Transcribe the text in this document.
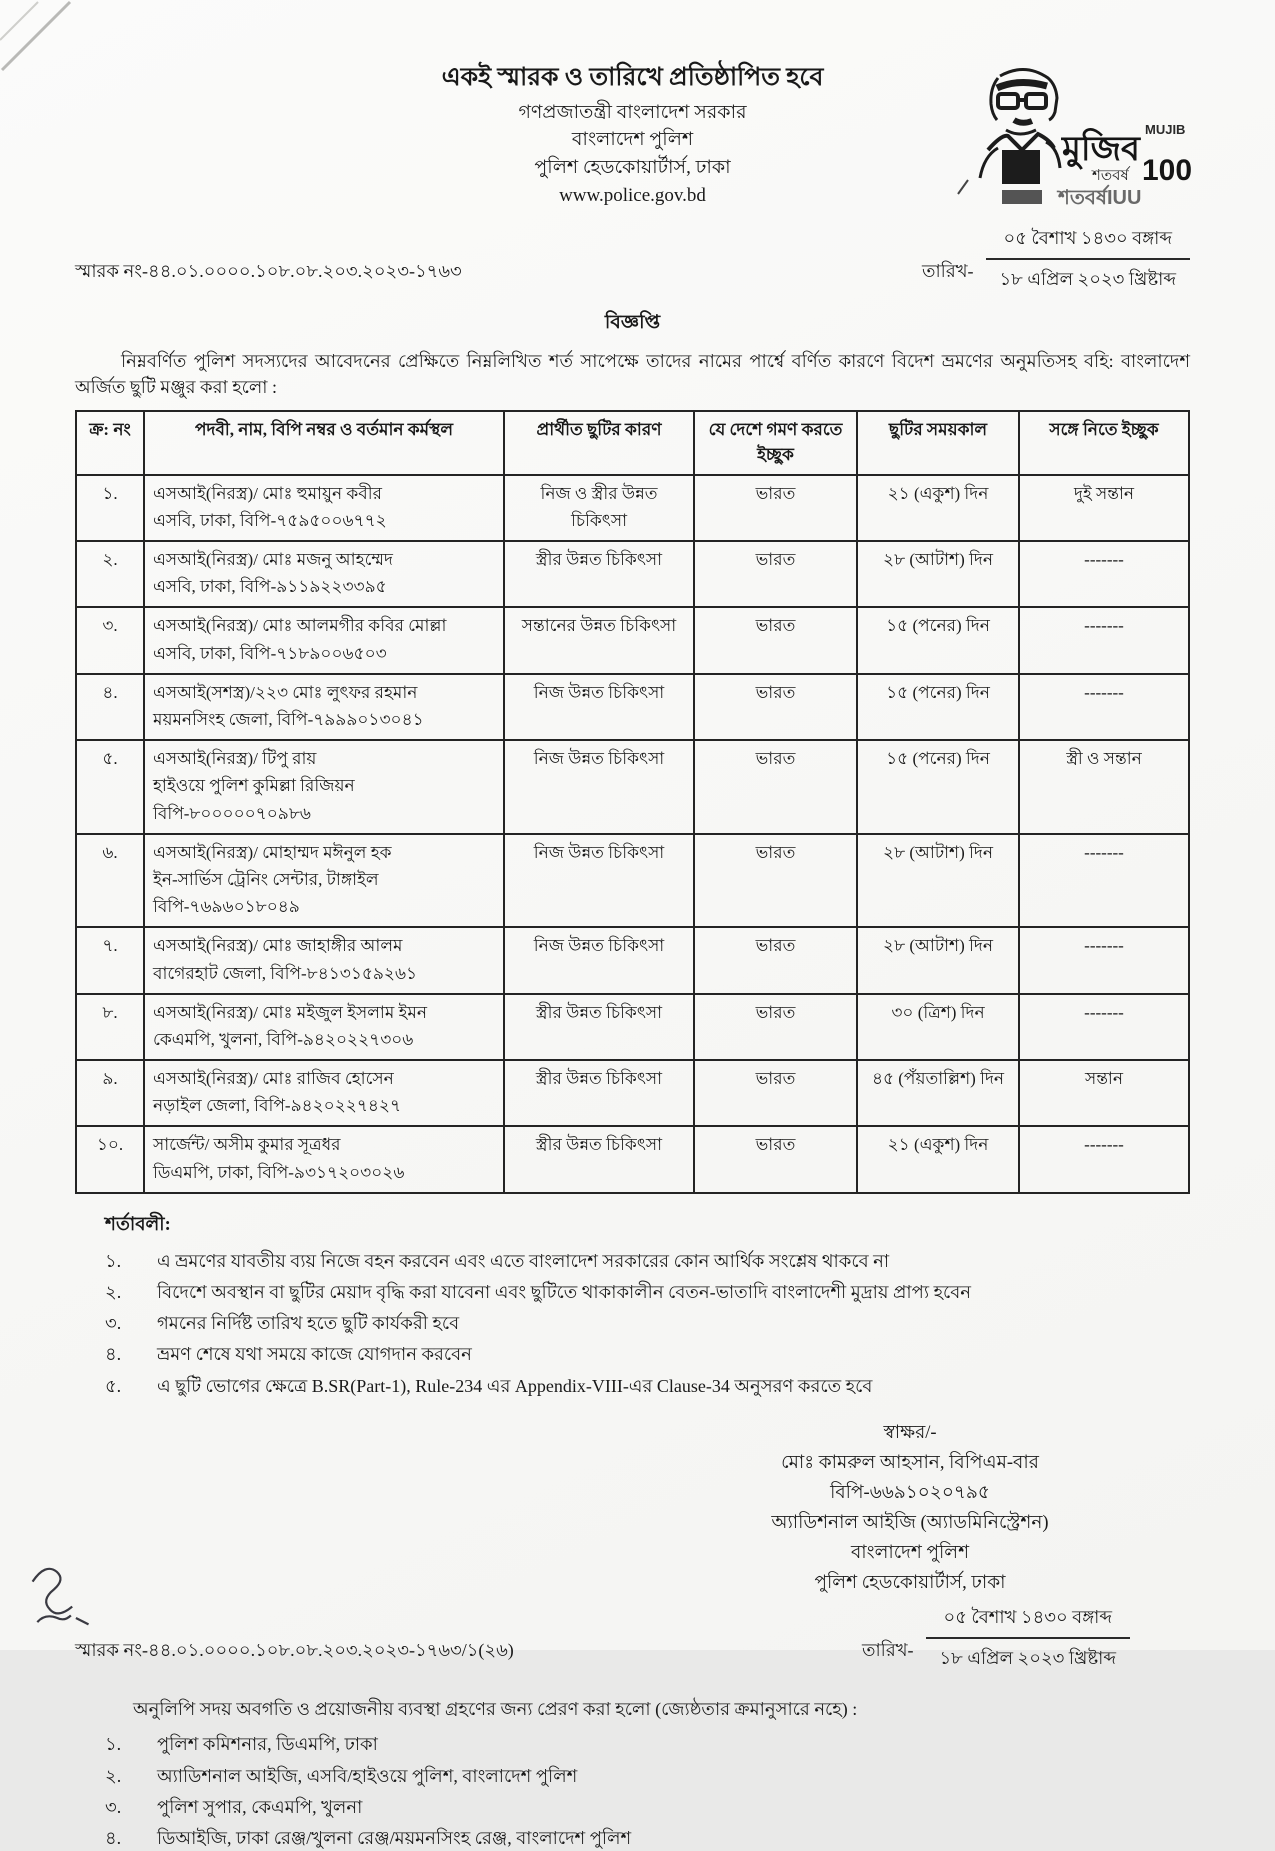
মুজিব
MUJIB
শতবর্ষ 100
শতবর্ষIUU
একই স্মারক ও তারিখে প্রতিষ্ঠাপিত হবে
গণপ্রজাতন্ত্রী বাংলাদেশ সরকার
বাংলাদেশ পুলিশ
পুলিশ হেডকোয়ার্টার্স, ঢাকা
www.police.gov.bd
স্মারক নং-৪৪.০১.০০০০.১০৮.০৮.২০৩.২০২৩-১৭৬৩	তারিখ-
০৫ বৈশাখ ১৪৩০ বঙ্গাব্দ
১৮ এপ্রিল ২০২৩ খ্রিষ্টাব্দ
বিজ্ঞপ্তি

নিম্নবর্ণিত পুলিশ সদস্যদের আবেদনের প্রেক্ষিতে নিম্নলিখিত শর্ত সাপেক্ষে তাদের নামের পার্শ্বে বর্ণিত কারণে বিদেশ ভ্রমণের অনুমতিসহ বহি: বাংলাদেশ অর্জিত ছুটি মঞ্জুর করা হলো :

ক্র: নং	পদবী, নাম, বিপি নম্বর ও বর্তমান কর্মস্থল	প্রার্থীত ছুটির কারণ	যে দেশে গমণ করতে ইচ্ছুক	ছুটির সময়কাল	সঙ্গে নিতে ইচ্ছুক
১.	এসআই(নিরস্ত্র)/ মোঃ হুমায়ুন কবীর
এসবি, ঢাকা, বিপি-৭৫৯৫০০৬৭৭২	নিজ ও স্ত্রীর উন্নত চিকিৎসা	ভারত	২১ (একুশ) দিন	দুই সন্তান
২.	এসআই(নিরস্ত্র)/ মোঃ মজনু আহম্মেদ
এসবি, ঢাকা, বিপি-৯১১৯২২৩৩৯৫	স্ত্রীর উন্নত চিকিৎসা	ভারত	২৮ (আটাশ) দিন	-------
৩.	এসআই(নিরস্ত্র)/ মোঃ আলমগীর কবির মোল্লা
এসবি, ঢাকা, বিপি-৭১৮৯০০৬৫০৩	সন্তানের উন্নত চিকিৎসা	ভারত	১৫ (পনের) দিন	-------
৪.	এসআই(সশস্ত্র)/২২৩ মোঃ লুৎফর রহমান
ময়মনসিংহ জেলা, বিপি-৭৯৯৯০১৩০৪১	নিজ উন্নত চিকিৎসা	ভারত	১৫ (পনের) দিন	-------
৫.	এসআই(নিরস্ত্র)/ টিপু রায়
হাইওয়ে পুলিশ কুমিল্লা রিজিয়ন
বিপি-৮০০০০০৭০৯৮৬	নিজ উন্নত চিকিৎসা	ভারত	১৫ (পনের) দিন	স্ত্রী ও সন্তান
৬.	এসআই(নিরস্ত্র)/ মোহাম্মদ মঈনুল হক
ইন-সার্ভিস ট্রেনিং সেন্টার, টাঙ্গাইল
বিপি-৭৬৯৬০১৮০৪৯	নিজ উন্নত চিকিৎসা	ভারত	২৮ (আটাশ) দিন	-------
৭.	এসআই(নিরস্ত্র)/ মোঃ জাহাঙ্গীর আলম
বাগেরহাট জেলা, বিপি-৮৪১৩১৫৯২৬১	নিজ উন্নত চিকিৎসা	ভারত	২৮ (আটাশ) দিন	-------
৮.	এসআই(নিরস্ত্র)/ মোঃ মইজুল ইসলাম ইমন
কেএমপি, খুলনা, বিপি-৯৪২০২২৭৩০৬	স্ত্রীর উন্নত চিকিৎসা	ভারত	৩০ (ত্রিশ) দিন	-------
৯.	এসআই(নিরস্ত্র)/ মোঃ রাজিব হোসেন
নড়াইল জেলা, বিপি-৯৪২০২২৭৪২৭	স্ত্রীর উন্নত চিকিৎসা	ভারত	৪৫ (পঁয়তাল্লিশ) দিন	সন্তান
১০.	সার্জেন্ট/ অসীম কুমার সূত্রধর
ডিএমপি, ঢাকা, বিপি-৯৩১৭২০৩০২৬	স্ত্রীর উন্নত চিকিৎসা	ভারত	২১ (একুশ) দিন	-------
শর্তাবলী:
১.	এ ভ্রমণের যাবতীয় ব্যয় নিজে বহন করবেন এবং এতে বাংলাদেশ সরকারের কোন আর্থিক সংশ্লেষ থাকবে না
২.	বিদেশে অবস্থান বা ছুটির মেয়াদ বৃদ্ধি করা যাবেনা এবং ছুটিতে থাকাকালীন বেতন-ভাতাদি বাংলাদেশী মুদ্রায় প্রাপ্য হবেন
৩.	গমনের নির্দিষ্ট তারিখ হতে ছুটি কার্যকরী হবে
৪.	ভ্রমণ শেষে যথা সময়ে কাজে যোগদান করবেন
৫.	এ ছুটি ভোগের ক্ষেত্রে B.SR(Part-1), Rule-234 এর Appendix-VIII-এর Clause-34 অনুসরণ করতে হবে
স্বাক্ষর/-
মোঃ কামরুল আহসান, বিপিএম-বার
বিপি-৬৬৯১০২০৭৯৫
অ্যাডিশনাল আইজি (অ্যাডমিনিস্ট্রেশন)
বাংলাদেশ পুলিশ
পুলিশ হেডকোয়ার্টার্স, ঢাকা
স্মারক নং-৪৪.০১.০০০০.১০৮.০৮.২০৩.২০২৩-১৭৬৩/১(২৬)	তারিখ-
০৫ বৈশাখ ১৪৩০ বঙ্গাব্দ
১৮ এপ্রিল ২০২৩ খ্রিষ্টাব্দ
অনুলিপি সদয় অবগতি ও প্রয়োজনীয় ব্যবস্থা গ্রহণের জন্য প্রেরণ করা হলো (জ্যেষ্ঠতার ক্রমানুসারে নহে) :
১.	পুলিশ কমিশনার, ডিএমপি, ঢাকা
২.	অ্যাডিশনাল আইজি, এসবি/হাইওয়ে পুলিশ, বাংলাদেশ পুলিশ
৩.	পুলিশ সুপার, কেএমপি, খুলনা
৪.	ডিআইজি, ঢাকা রেঞ্জ/খুলনা রেঞ্জ/ময়মনসিংহ রেঞ্জ, বাংলাদেশ পুলিশ
